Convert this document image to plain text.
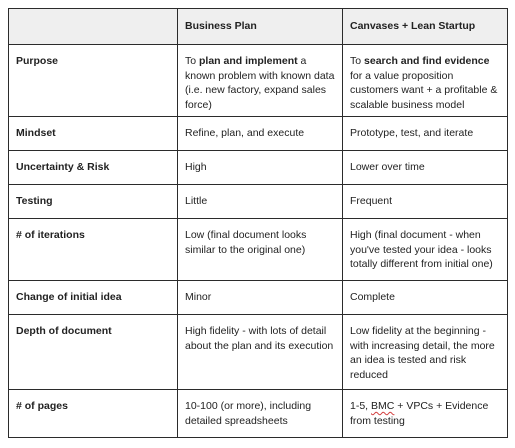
	Business Plan	Canvases + Lean Startup
Purpose	To plan and implement a known problem with known data (i.e. new factory, expand sales force)	To search and find evidence for a value proposition customers want + a profitable & scalable business model
Mindset	Refine, plan, and execute	Prototype, test, and iterate
Uncertainty & Risk	High	Lower over time
Testing	Little	Frequent
# of iterations	Low (final document looks similar to the original one)	High (final document - when you've tested your idea - looks totally different from initial one)
Change of initial idea	Minor	Complete
Depth of document	High fidelity - with lots of detail about the plan and its execution	Low fidelity at the beginning - with increasing detail, the more an idea is tested and risk reduced
# of pages	10-100 (or more), including detailed spreadsheets	1-5, BMC + VPCs + Evidence from testing
